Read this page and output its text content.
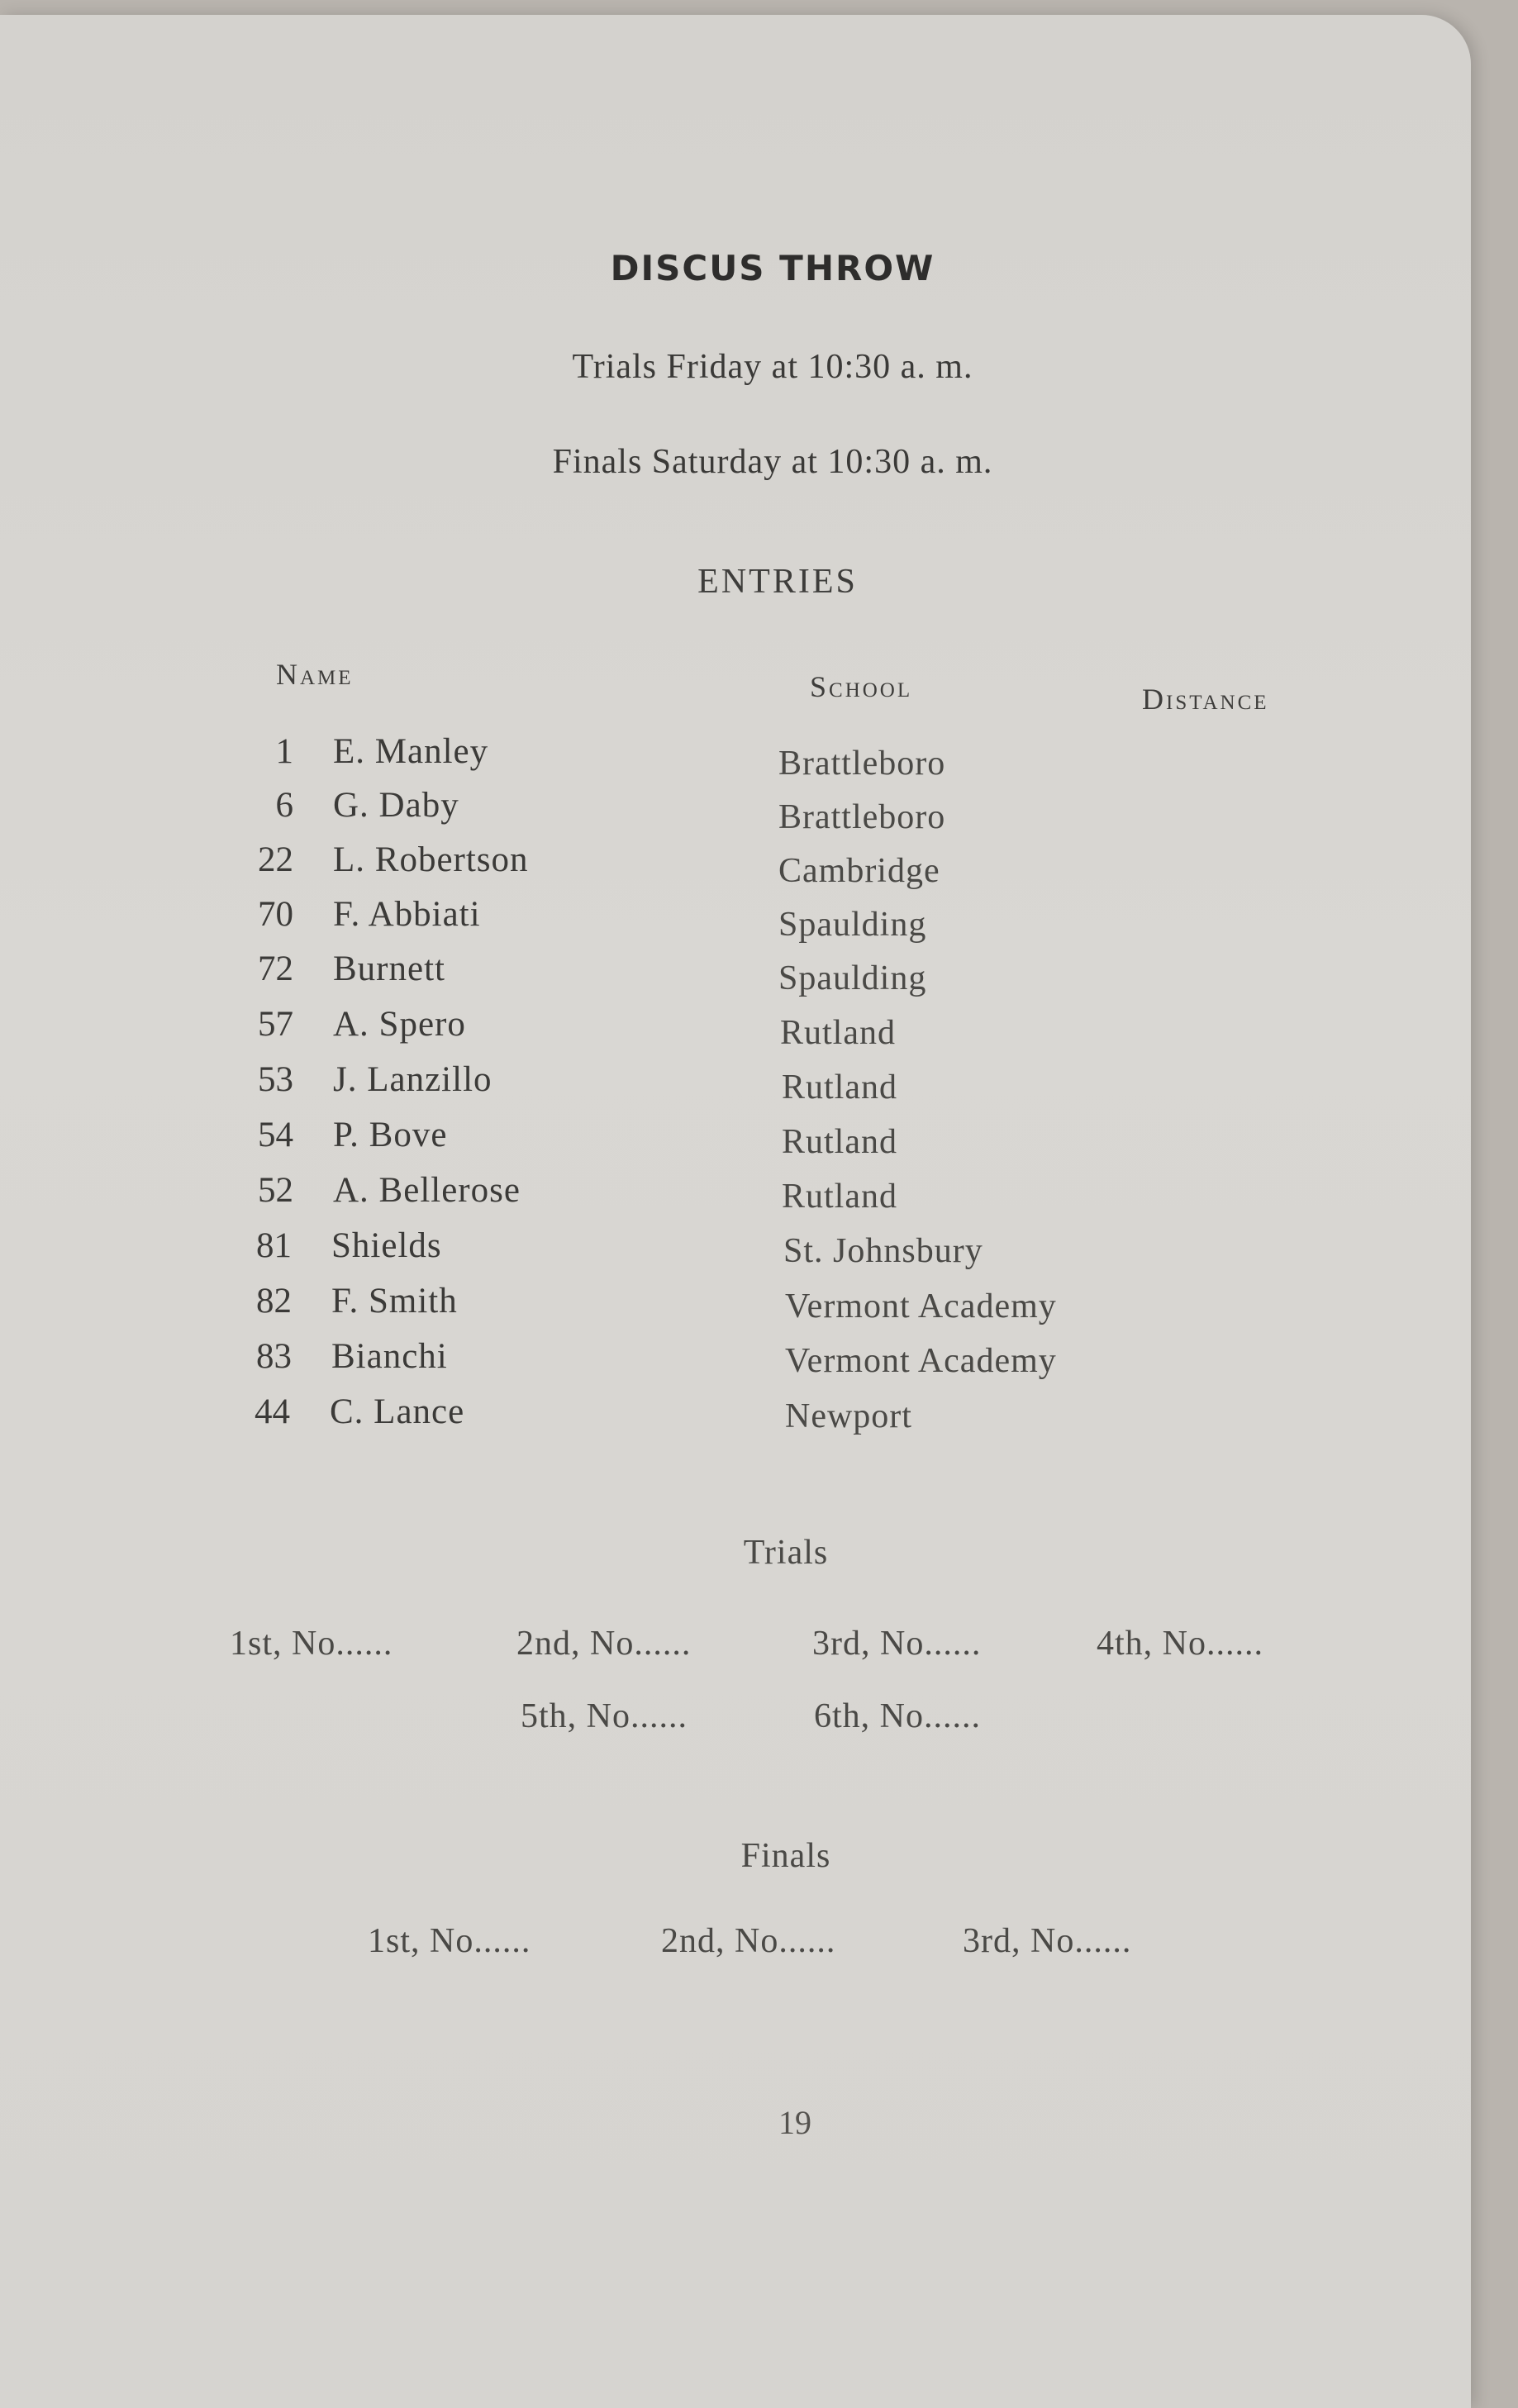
DISCUS THROW
Trials Friday at 10:30 a. m.
Finals Saturday at 10:30 a. m.
ENTRIES
Name	School	Distance
1 E. Manley	Brattleboro
6 G. Daby	Brattleboro
22 L. Robertson	Cambridge
70 F. Abbiati	Spaulding
72 Burnett	Spaulding
57 A. Spero	Rutland
53 J. Lanzillo	Rutland
54 P. Bove	Rutland
52 A. Bellerose	Rutland
81 Shields	St. Johnsbury
82 F. Smith	Vermont Academy
83 Bianchi	Vermont Academy
44 C. Lance	Newport
Trials
1st, No......	2nd, No......	3rd, No......	4th, No......
5th, No......	6th, No......
Finals
1st, No......	2nd, No......	3rd, No......
19
